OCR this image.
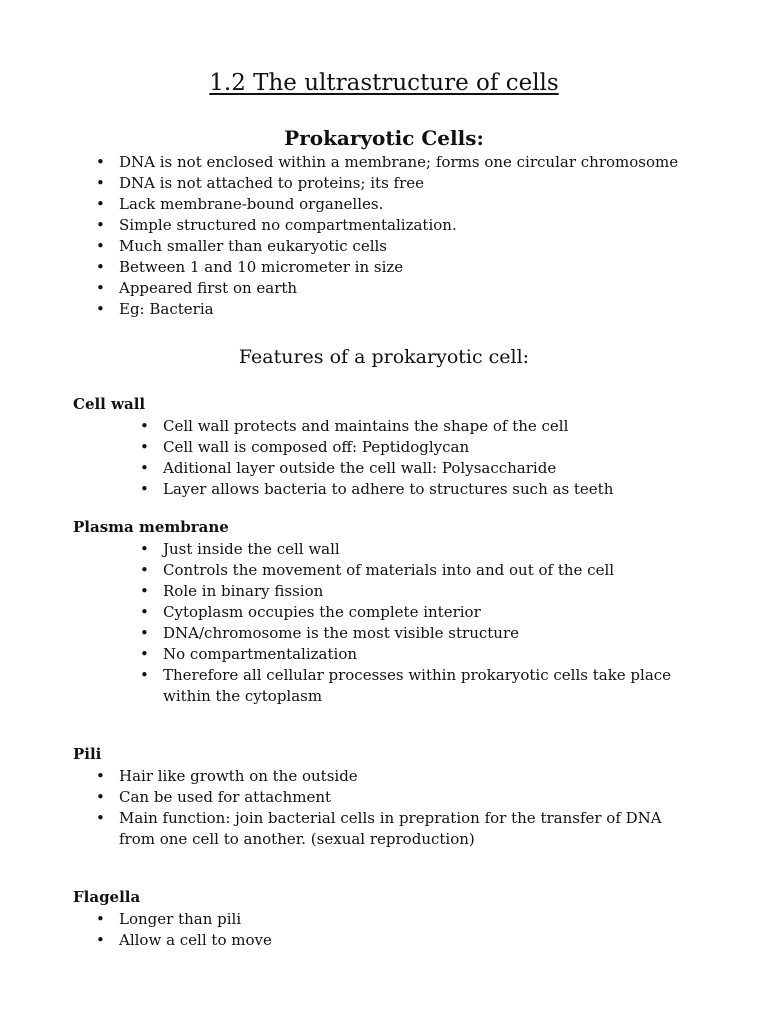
1.2 The ultrastructure of cells
Prokaryotic Cells:
• DNA is not enclosed within a membrane; forms one circular chromosome
• DNA is not attached to proteins; its free
• Lack membrane-bound organelles.
• Simple structured no compartmentalization.
• Much smaller than eukaryotic cells
• Between 1 and 10 micrometer in size
• Appeared first on earth
• Eg: Bacteria
Features of a prokaryotic cell:
Cell wall
• Cell wall protects and maintains the shape of the cell
• Cell wall is composed off: Peptidoglycan
• Aditional layer outside the cell wall: Polysaccharide
• Layer allows bacteria to adhere to structures such as teeth
Plasma membrane
• Just inside the cell wall
• Controls the movement of materials into and out of the cell
• Role in binary fission
• Cytoplasm occupies the complete interior
• DNA/chromosome is the most visible structure
• No compartmentalization
• Therefore all cellular processes within prokaryotic cells take place within the cytoplasm
Pili
• Hair like growth on the outside
• Can be used for attachment
• Main function: join bacterial cells in prepration for the transfer of DNA from one cell to another. (sexual reproduction)
Flagella
• Longer than pili
• Allow a cell to move
